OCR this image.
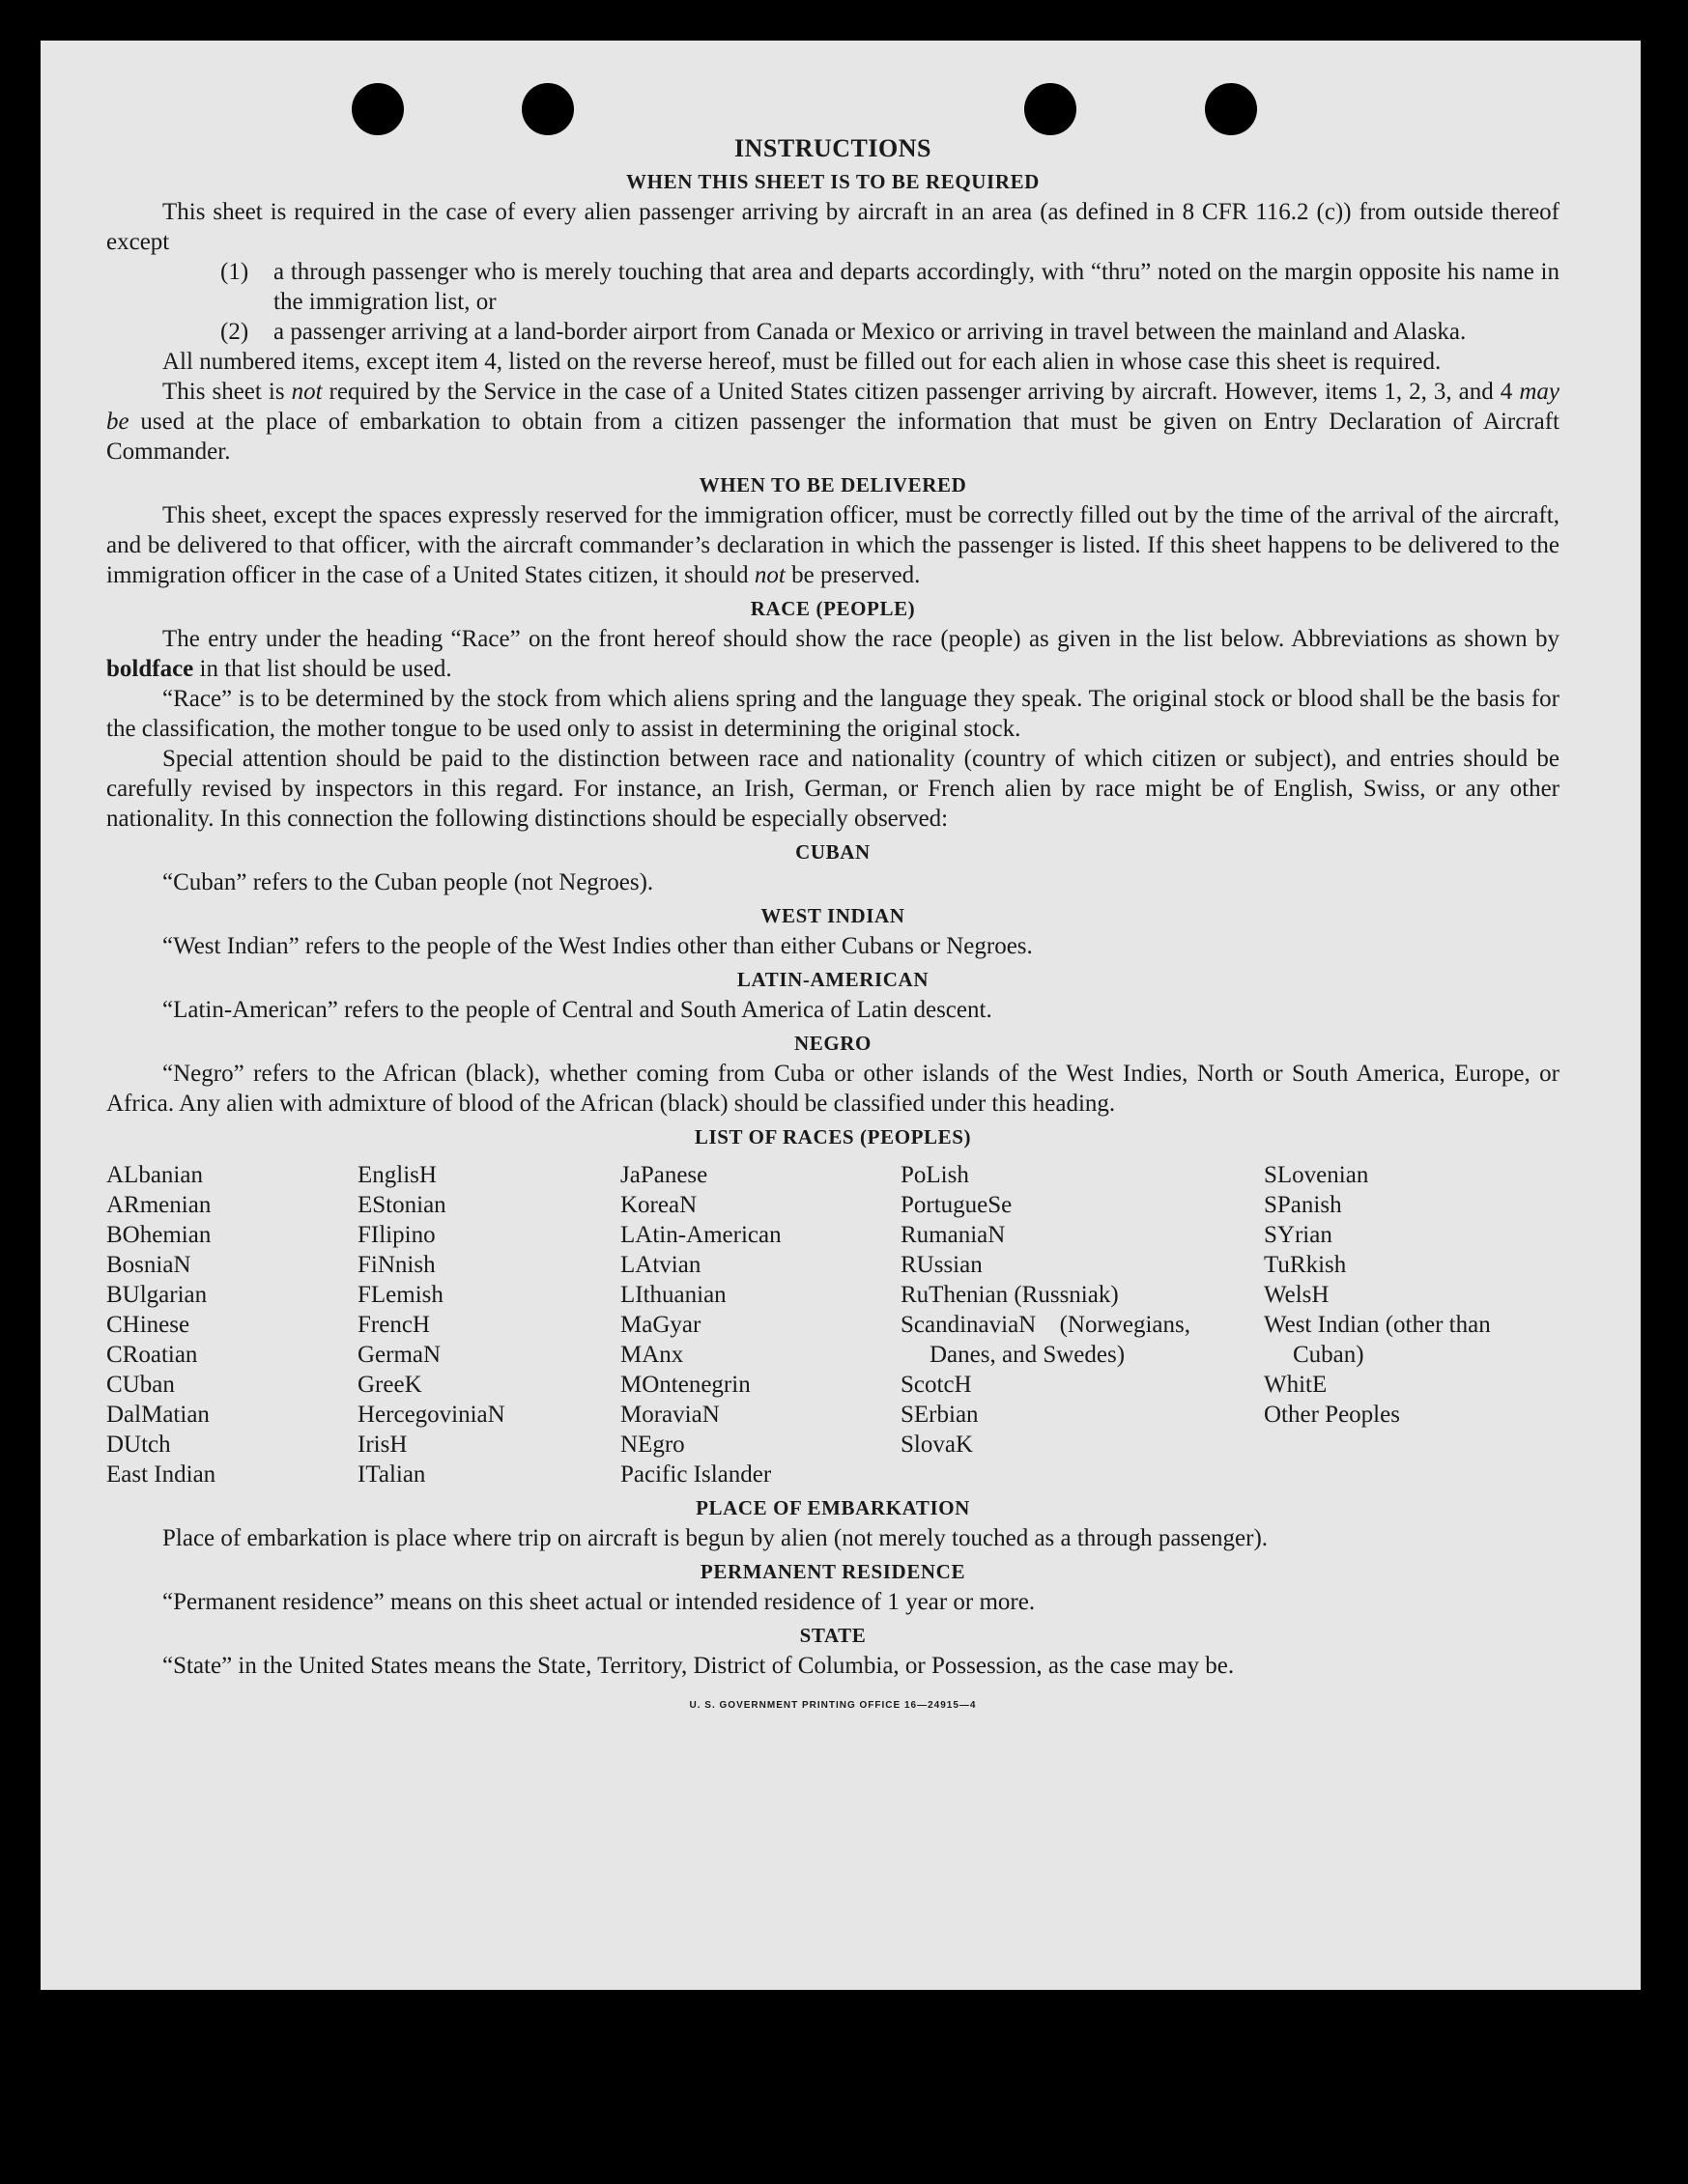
INSTRUCTIONS
WHEN THIS SHEET IS TO BE REQUIRED

This sheet is required in the case of every alien passenger arriving by aircraft in an area (as defined in 8 CFR 116.2 (c)) from outside thereof except

(1) a through passenger who is merely touching that area and departs accordingly, with “thru” noted on the margin opposite his name in the immigration list, or

(2) a passenger arriving at a land-border airport from Canada or Mexico or arriving in travel between the mainland and Alaska.

All numbered items, except item 4, listed on the reverse hereof, must be filled out for each alien in whose case this sheet is required.

This sheet is not required by the Service in the case of a United States citizen passenger arriving by aircraft. However, items 1, 2, 3, and 4 may be used at the place of embarkation to obtain from a citizen passenger the information that must be given on Entry Declaration of Aircraft Commander.

WHEN TO BE DELIVERED

This sheet, except the spaces expressly reserved for the immigration officer, must be correctly filled out by the time of the arrival of the aircraft, and be delivered to that officer, with the aircraft commander’s declaration in which the passenger is listed. If this sheet happens to be delivered to the immigration officer in the case of a United States citizen, it should not be preserved.

RACE (PEOPLE)

The entry under the heading “Race” on the front hereof should show the race (people) as given in the list below. Abbreviations as shown by boldface in that list should be used.

“Race” is to be determined by the stock from which aliens spring and the language they speak. The original stock or blood shall be the basis for the classification, the mother tongue to be used only to assist in determining the original stock.

Special attention should be paid to the distinction between race and nationality (country of which citizen or subject), and entries should be carefully revised by inspectors in this regard. For instance, an Irish, German, or French alien by race might be of English, Swiss, or any other nationality. In this connection the following distinctions should be especially observed:

CUBAN

“Cuban” refers to the Cuban people (not Negroes).

WEST INDIAN

“West Indian” refers to the people of the West Indies other than either Cubans or Negroes.

LATIN-AMERICAN

“Latin-American” refers to the people of Central and South America of Latin descent.

NEGRO

“Negro” refers to the African (black), whether coming from Cuba or other islands of the West Indies, North or South America, Europe, or Africa. Any alien with admixture of blood of the African (black) should be classified under this heading.

LIST OF RACES (PEOPLES)
ALbanian
ARmenian
BOhemian
BosniaN
BUlgarian
CHinese
CRoatian
CUban
DalMatian
DUtch
East Indian
EnglisH
EStonian
FIlipino
FiNnish
FLemish
FrencH
GermaN
GreeK
HercegoviniaN
IrisH
ITalian
JaPanese
KoreaN
LAtin-American
LAtvian
LIthuanian
MaGyar
MAnx
MOntenegrin
MoraviaN
NEgro
Pacific Islander
PoLish
PortugueSe
RumaniaN
RUssian
RuThenian (Russniak)
ScandinaviaN (Norwegians, Danes, and Swedes)
ScotcH
SErbian
SlovaK
SLovenian
SPanish
SYrian
TuRkish
WelsH
West Indian (other than Cuban)
WhitE
Other Peoples
PLACE OF EMBARKATION

Place of embarkation is place where trip on aircraft is begun by alien (not merely touched as a through passenger).

PERMANENT RESIDENCE

“Permanent residence” means on this sheet actual or intended residence of 1 year or more.

STATE

“State” in the United States means the State, Territory, District of Columbia, or Possession, as the case may be.

U. S. GOVERNMENT PRINTING OFFICE 16—24915—4
